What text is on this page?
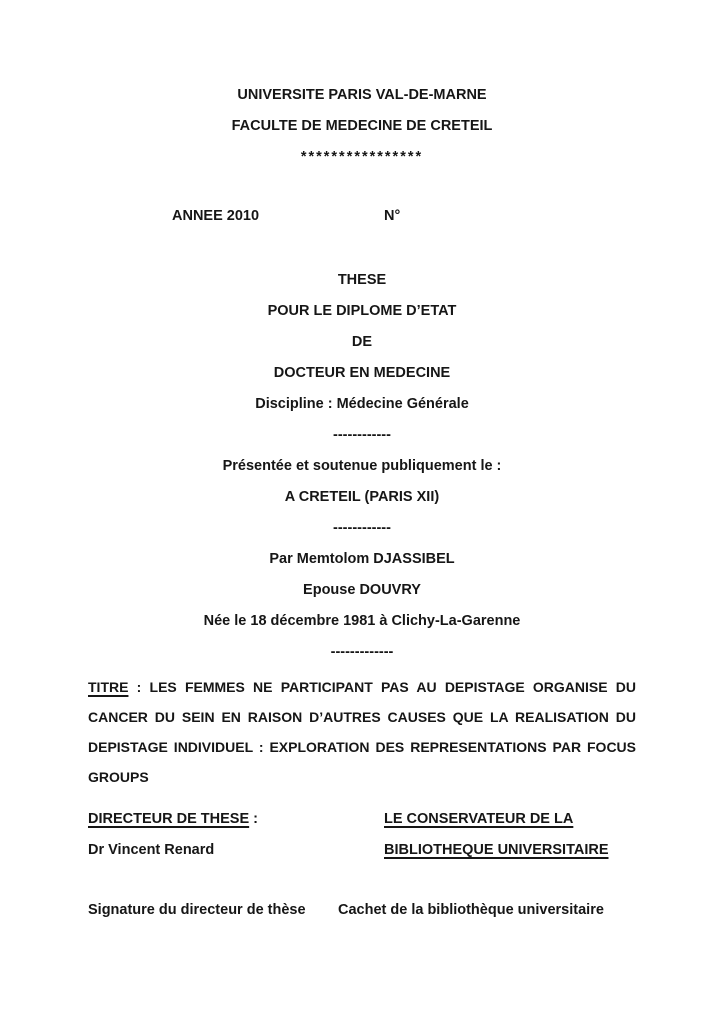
UNIVERSITE PARIS VAL-DE-MARNE
FACULTE DE MEDECINE DE CRETEIL
****************
ANNEE 2010	N°
THESE
POUR LE DIPLOME D’ETAT
DE
DOCTEUR EN MEDECINE
Discipline : Médecine Générale
------------
Présentée et soutenue publiquement le :
A CRETEIL (PARIS XII)
------------
Par Memtolom DJASSIBEL
Epouse DOUVRY
Née le 18 décembre 1981 à Clichy-La-Garenne
-------------
TITRE : LES FEMMES NE PARTICIPANT PAS AU DEPISTAGE ORGANISE DU
CANCER DU SEIN EN RAISON D’AUTRES CAUSES QUE LA REALISATION DU
DEPISTAGE INDIVIDUEL : EXPLORATION DES REPRESENTATIONS PAR FOCUS
GROUPS
DIRECTEUR DE THESE :	LE CONSERVATEUR DE LA
Dr Vincent Renard	BIBLIOTHEQUE UNIVERSITAIRE
Signature du directeur de thèse Cachet de la bibliothèque universitaire
